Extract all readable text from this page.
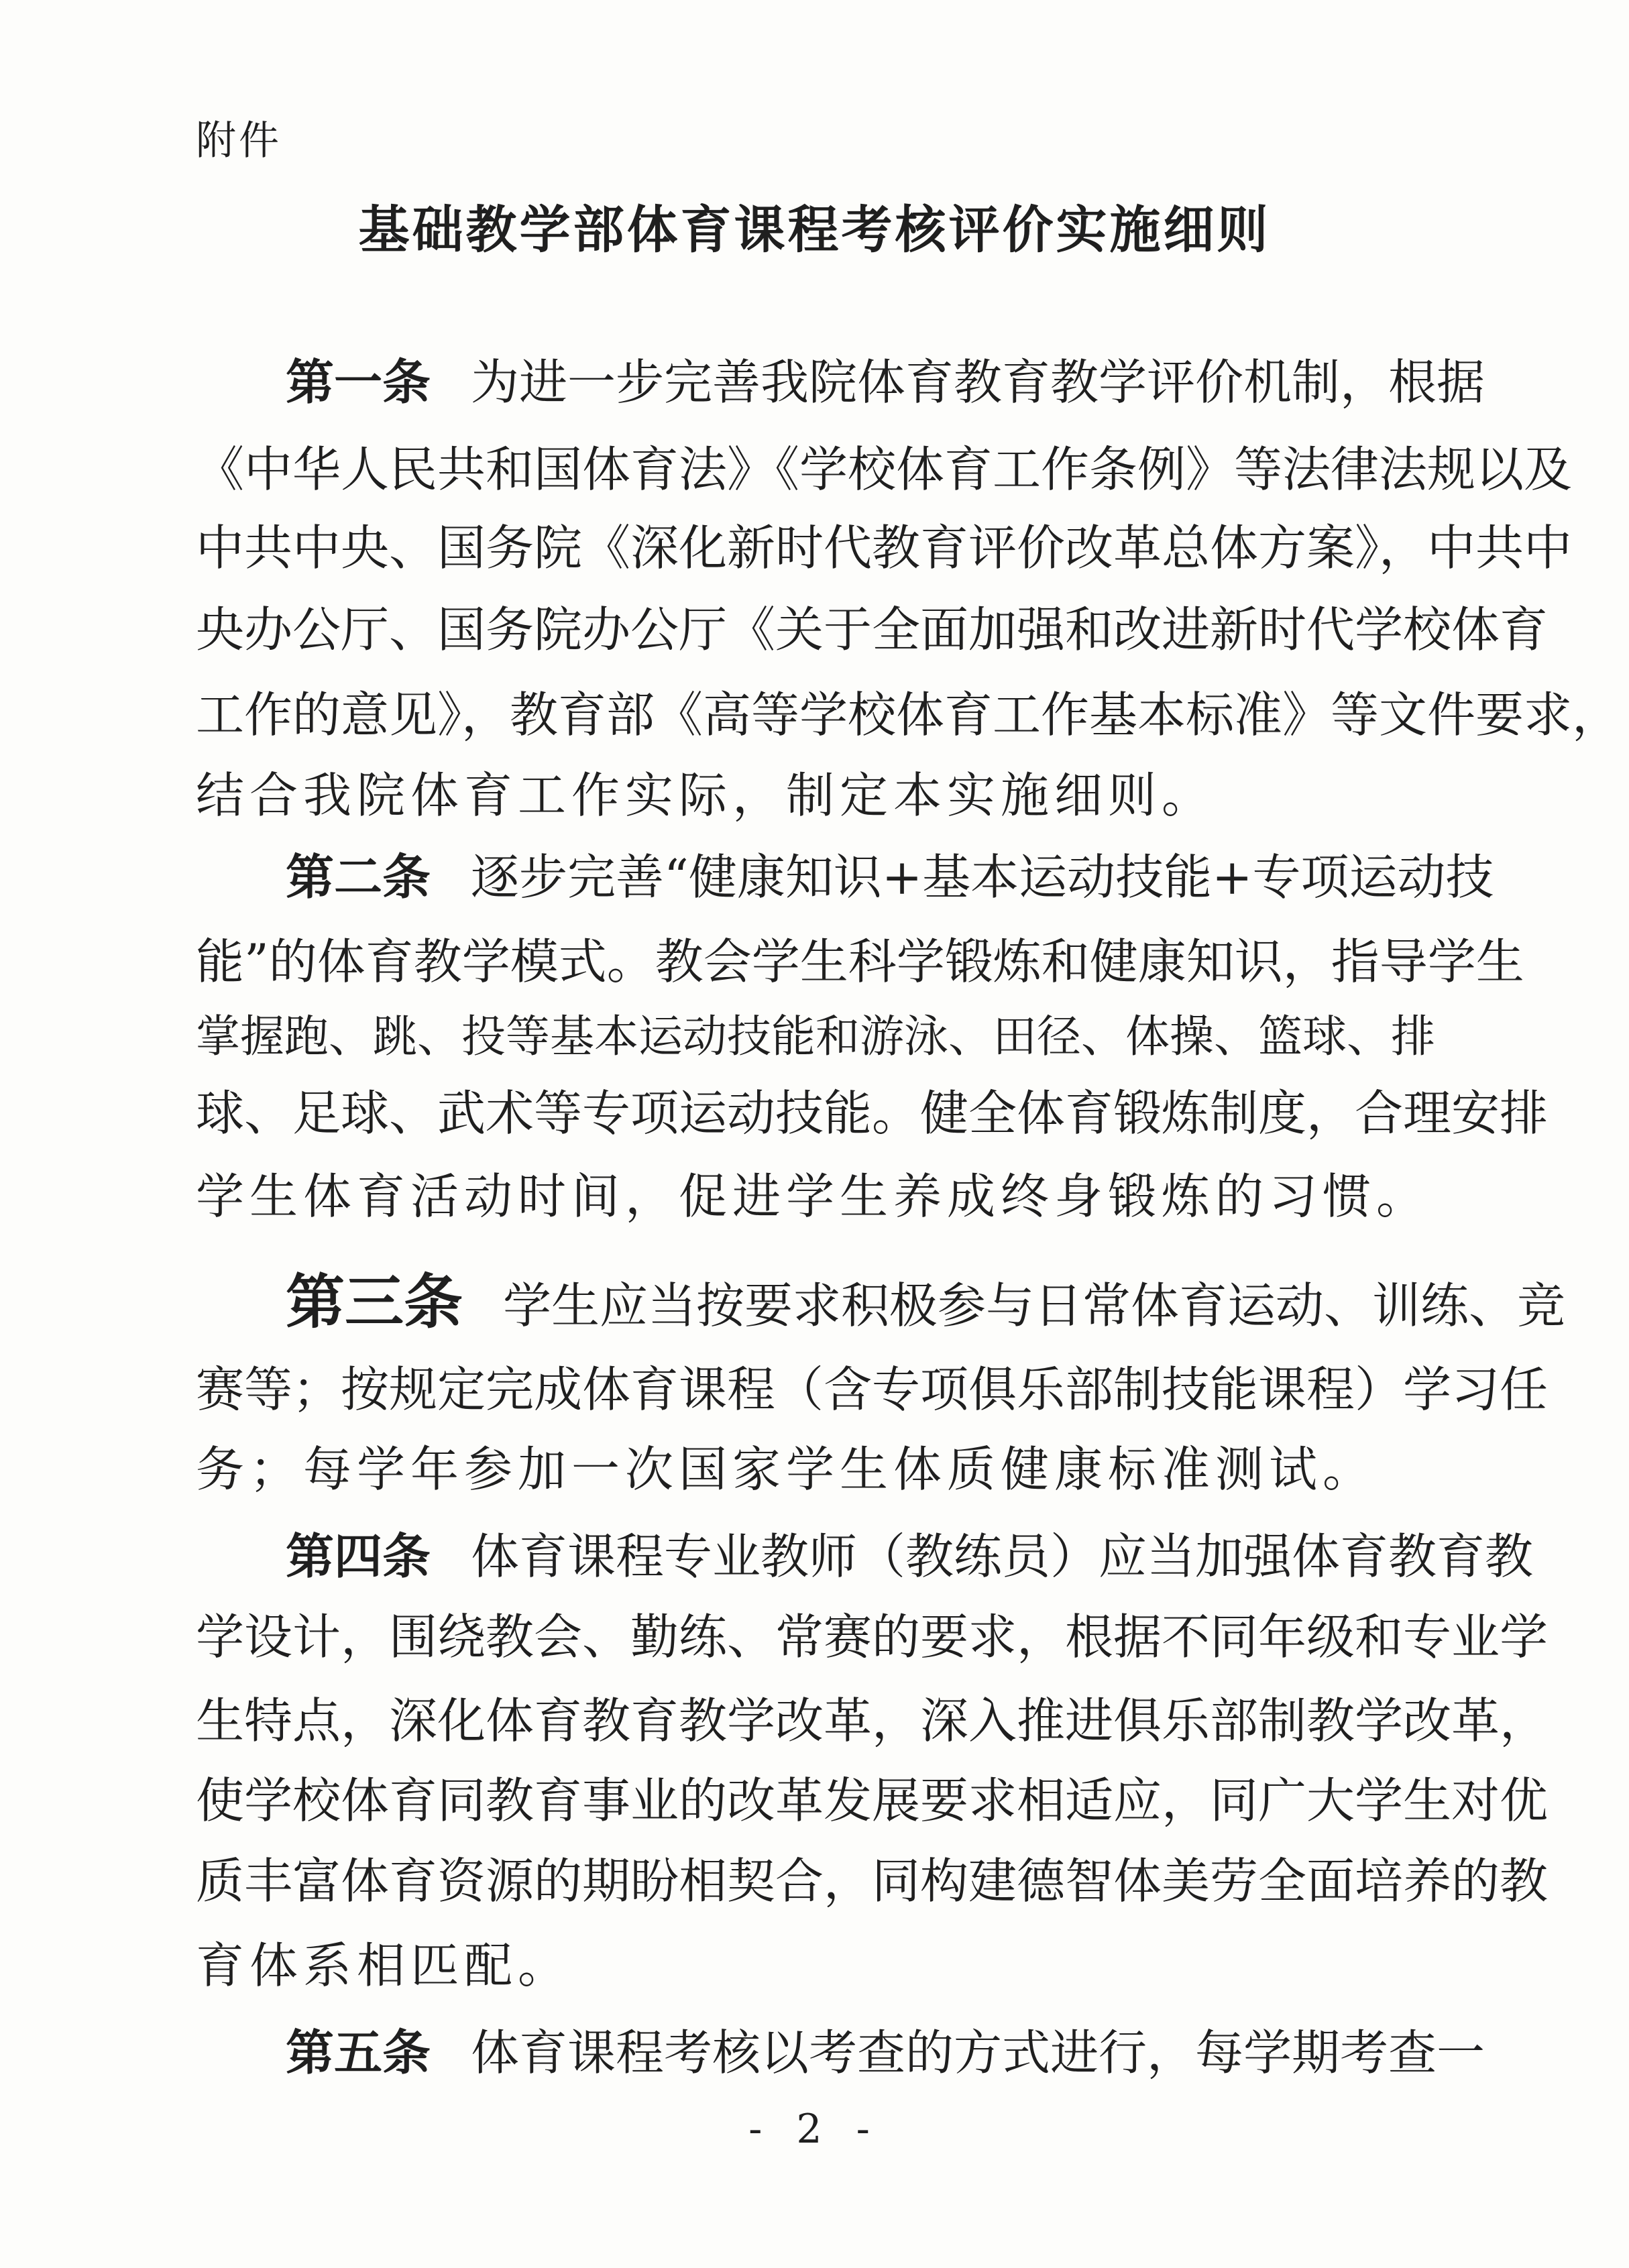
附件
基础教学部体育课程考核评价实施细则
第一条 为进一步完善我院体育教育教学评价机制，根据
《中华人民共和国体育法》《学校体育工作条例》等法律法规以及
中共中央、国务院《深化新时代教育评价改革总体方案》，中共中
央办公厅、国务院办公厅《关于全面加强和改进新时代学校体育
工作的意见》，教育部《高等学校体育工作基本标准》等文件要求，
结合我院体育工作实际，制定本实施细则。
第二条 逐步完善“健康知识+基本运动技能+专项运动技
能”的体育教学模式。教会学生科学锻炼和健康知识，指导学生
掌握跑、跳、投等基本运动技能和游泳、田径、体操、篮球、排
球、足球、武术等专项运动技能。健全体育锻炼制度，合理安排
学生体育活动时间，促进学生养成终身锻炼的习惯。
第三条 学生应当按要求积极参与日常体育运动、训练、竞
赛等；按规定完成体育课程（含专项俱乐部制技能课程）学习任
务；每学年参加一次国家学生体质健康标准测试。
第四条 体育课程专业教师（教练员）应当加强体育教育教
学设计，围绕教会、勤练、常赛的要求，根据不同年级和专业学
生特点，深化体育教育教学改革，深入推进俱乐部制教学改革，
使学校体育同教育事业的改革发展要求相适应，同广大学生对优
质丰富体育资源的期盼相契合，同构建德智体美劳全面培养的教
育体系相匹配。
第五条 体育课程考核以考查的方式进行，每学期考查一
- 2 -
